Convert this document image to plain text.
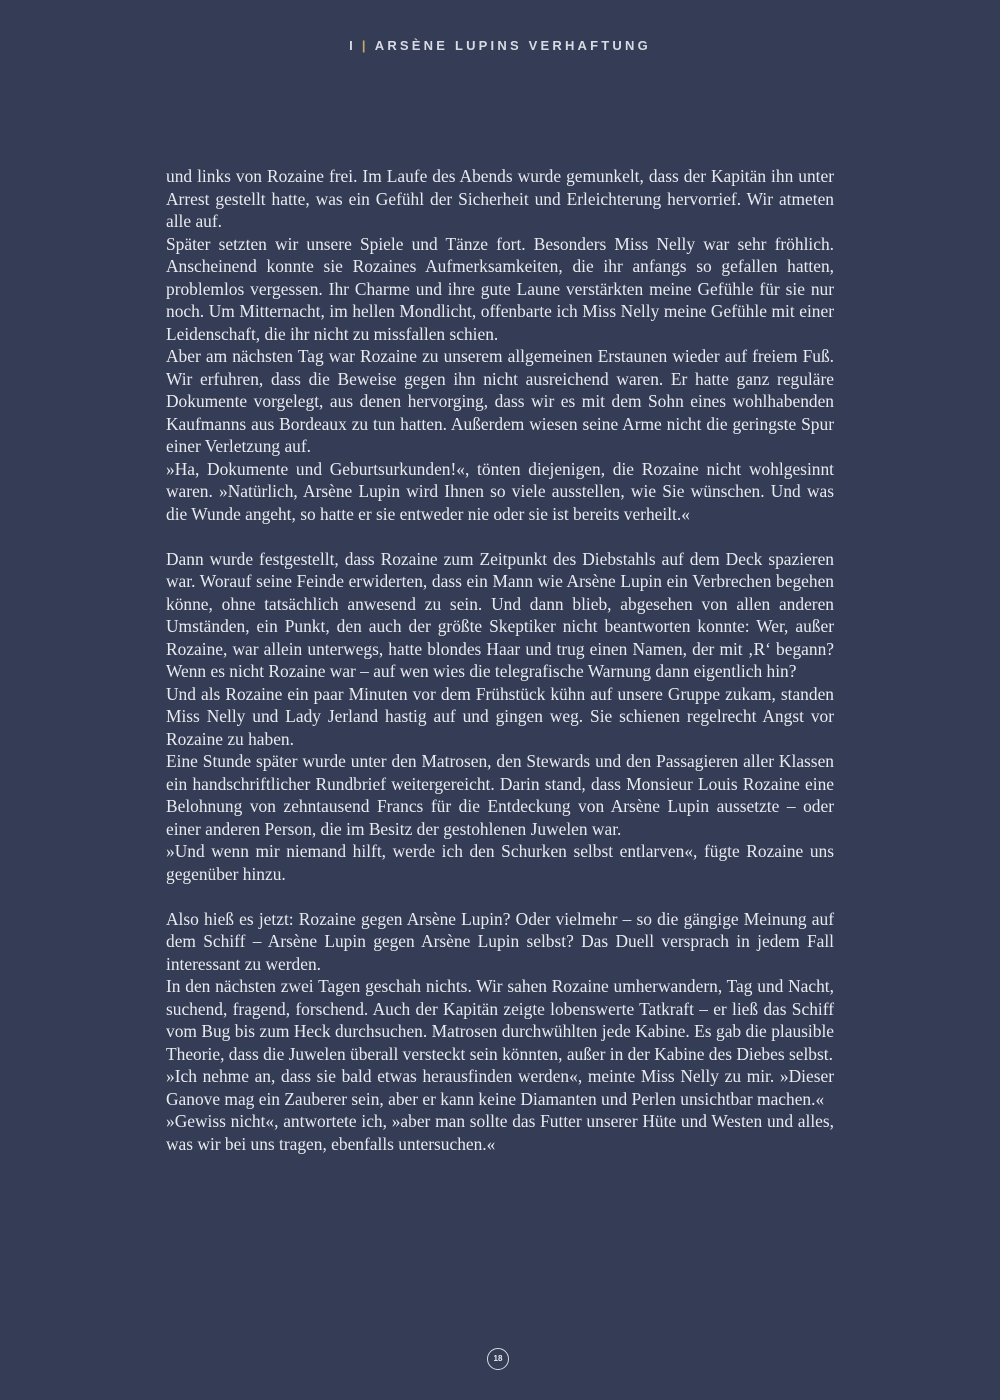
I | ARSÈNE LUPINS VERHAFTUNG

und links von Rozaine frei. Im Laufe des Abends wurde gemunkelt, dass der Kapitän ihn unter Arrest gestellt hatte, was ein Gefühl der Sicherheit und Erleichterung hervorrief. Wir atmeten alle auf.

Später setzten wir unsere Spiele und Tänze fort. Besonders Miss Nelly war sehr fröhlich. Anscheinend konnte sie Rozaines Aufmerksamkeiten, die ihr anfangs so gefallen hatten, problemlos vergessen. Ihr Charme und ihre gute Laune verstärkten meine Gefühle für sie nur noch. Um Mitternacht, im hellen Mondlicht, offenbarte ich Miss Nelly meine Gefühle mit einer Leidenschaft, die ihr nicht zu missfallen schien.

Aber am nächsten Tag war Rozaine zu unserem allgemeinen Erstaunen wieder auf freiem Fuß. Wir erfuhren, dass die Beweise gegen ihn nicht ausreichend waren. Er hatte ganz reguläre Dokumente vorgelegt, aus denen hervorging, dass wir es mit dem Sohn eines wohlhabenden Kaufmanns aus Bordeaux zu tun hatten. Außerdem wiesen seine Arme nicht die geringste Spur einer Verletzung auf.

»Ha, Dokumente und Geburtsurkunden!«, tönten diejenigen, die Rozaine nicht wohlgesinnt waren. »Natürlich, Arsène Lupin wird Ihnen so viele ausstellen, wie Sie wünschen. Und was die Wunde angeht, so hatte er sie entweder nie oder sie ist bereits verheilt.«

Dann wurde festgestellt, dass Rozaine zum Zeitpunkt des Diebstahls auf dem Deck spazieren war. Worauf seine Feinde erwiderten, dass ein Mann wie Arsène Lupin ein Verbrechen begehen könne, ohne tatsächlich anwesend zu sein. Und dann blieb, abgesehen von allen anderen Umständen, ein Punkt, den auch der größte Skeptiker nicht beantworten konnte: Wer, außer Rozaine, war allein unterwegs, hatte blondes Haar und trug einen Namen, der mit ‚R‘ begann? Wenn es nicht Rozaine war – auf wen wies die telegrafische Warnung dann eigentlich hin?

Und als Rozaine ein paar Minuten vor dem Frühstück kühn auf unsere Gruppe zukam, standen Miss Nelly und Lady Jerland hastig auf und gingen weg. Sie schienen regelrecht Angst vor Rozaine zu haben.

Eine Stunde später wurde unter den Matrosen, den Stewards und den Passagieren aller Klassen ein handschriftlicher Rundbrief weitergereicht. Darin stand, dass Monsieur Louis Rozaine eine Belohnung von zehntausend Francs für die Entdeckung von Arsène Lupin aussetzte – oder einer anderen Person, die im Besitz der gestohlenen Juwelen war.

»Und wenn mir niemand hilft, werde ich den Schurken selbst entlarven«, fügte Rozaine uns gegenüber hinzu.

Also hieß es jetzt: Rozaine gegen Arsène Lupin? Oder vielmehr – so die gängige Meinung auf dem Schiff – Arsène Lupin gegen Arsène Lupin selbst? Das Duell versprach in jedem Fall interessant zu werden.

In den nächsten zwei Tagen geschah nichts. Wir sahen Rozaine umherwandern, Tag und Nacht, suchend, fragend, forschend. Auch der Kapitän zeigte lobenswerte Tatkraft – er ließ das Schiff vom Bug bis zum Heck durchsuchen. Matrosen durchwühlten jede Kabine. Es gab die plausible Theorie, dass die Juwelen überall versteckt sein könnten, außer in der Kabine des Diebes selbst.

»Ich nehme an, dass sie bald etwas herausfinden werden«, meinte Miss Nelly zu mir. »Dieser Ganove mag ein Zauberer sein, aber er kann keine Diamanten und Perlen unsichtbar machen.«

»Gewiss nicht«, antwortete ich, »aber man sollte das Futter unserer Hüte und Westen und alles, was wir bei uns tragen, ebenfalls untersuchen.«

18
